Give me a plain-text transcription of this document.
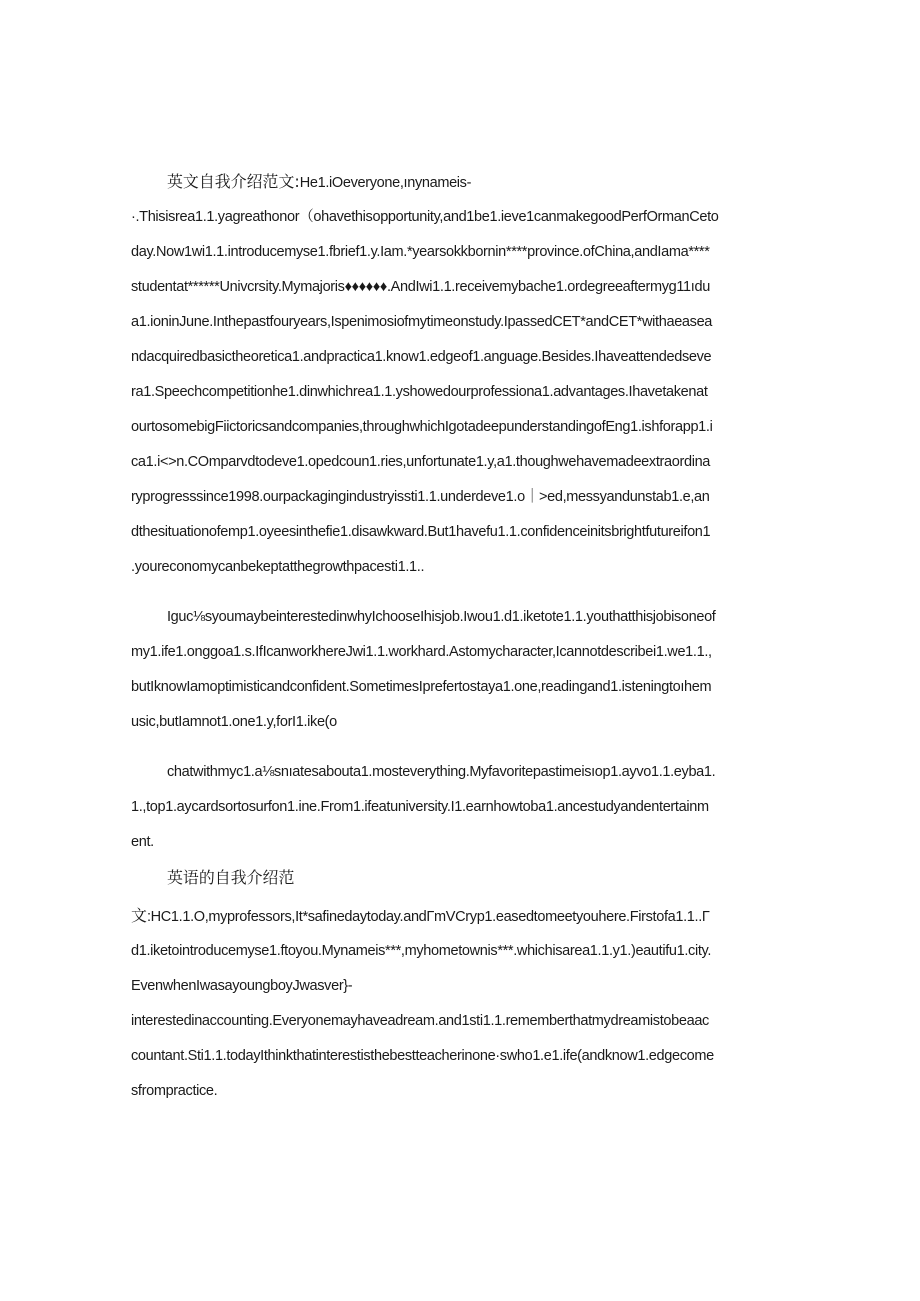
英文自我介绍范文:He1.iOeveryone,ınynameis-
·.Thisisrea1.1.yagreathonor（ohavethisopportunity,and1be1.ieve1canmakegoodPerfOrmanCeto
day.Now1wi1.1.introducemyse1.fbrief1.y.Iam.*yearsokkbornin****province.ofChina,andIama****
studentat******Univcrsity.Mymajoris♦♦♦♦♦♦.AndIwi1.1.receivemybache1.ordegreeaftermyg11ıdu
a1.ioninJune.Inthepastfouryears,Ispenimosiofmytimeonstudy.IpassedCET*andCET*withaeasea
ndacquiredbasictheoretica1.andpractica1.know1.edgeof1.anguage.Besides.Ihaveattendedseve
ra1.Speechcompetitionhe1.dinwhichrea1.1.yshowedourprofessiona1.advantages.Ihavetakenat
ourtosomebigFiictoricsandcompanies,throughwhichIgotadeepunderstandingofEng1.ishforapp1.i
ca1.i<>n.COmparvdtodeve1.opedcoun1.ries,unfortunate1.y,a1.thoughwehavemadeextraordina
ryprogresssince1998.ourpackagingindustryissti1.1.underdeve1.o｜>ed,messyandunstab1.e,an
dthesituationofemp1.oyeesinthefie1.disawkward.But1havefu1.1.confidenceinitsbrightfutureifon1
.youreconomycanbekeptatthegrowthpacesti1.1..
Iguc⅛syoumaybeinterestedinwhyIchooseIhisjob.Iwou1.d1.iketote1.1.youthatthisjobisoneof
my1.ife1.onggoa1.s.IfIcanworkhereJwi1.1.workhard.Astomycharacter,Icannotdescribei1.we1.1.,
butIknowIamoptimisticandconfident.SometimesIprefertostaya1.one,readingand1.isteningtoıhem
usic,butIamnot1.one1.y,forI1.ike(o
chatwithmyc1.a⅛snıatesabouta1.mosteverything.Myfavoritepastimeisıop1.ayvo1.1.eyba1.
1.,top1.aycardsortosurfon1.ine.From1.ifeatuniversity.I1.earnhowtoba1.ancestudyandentertainm
ent.
英语的自我介绍范
文:HC1.1.O,myprofessors,It*safinedaytoday.andΓmVCryp1.easedtomeetyouhere.Firstofa1.1..Γ
d1.iketointroducemyse1.ftoyou.Mynameis***,myhometownis***.whichisarea1.1.y1.)eautifu1.city.
EvenwhenIwasayoungboyJwasver}-
interestedinaccounting.Everyonemayhaveadream.and1sti1.1.rememberthatmydreamistobeaac
countant.Sti1.1.todayIthinkthatinterestisthebestteacherinone·swho1.e1.ife(andknow1.edgecome
sfrompractice.
